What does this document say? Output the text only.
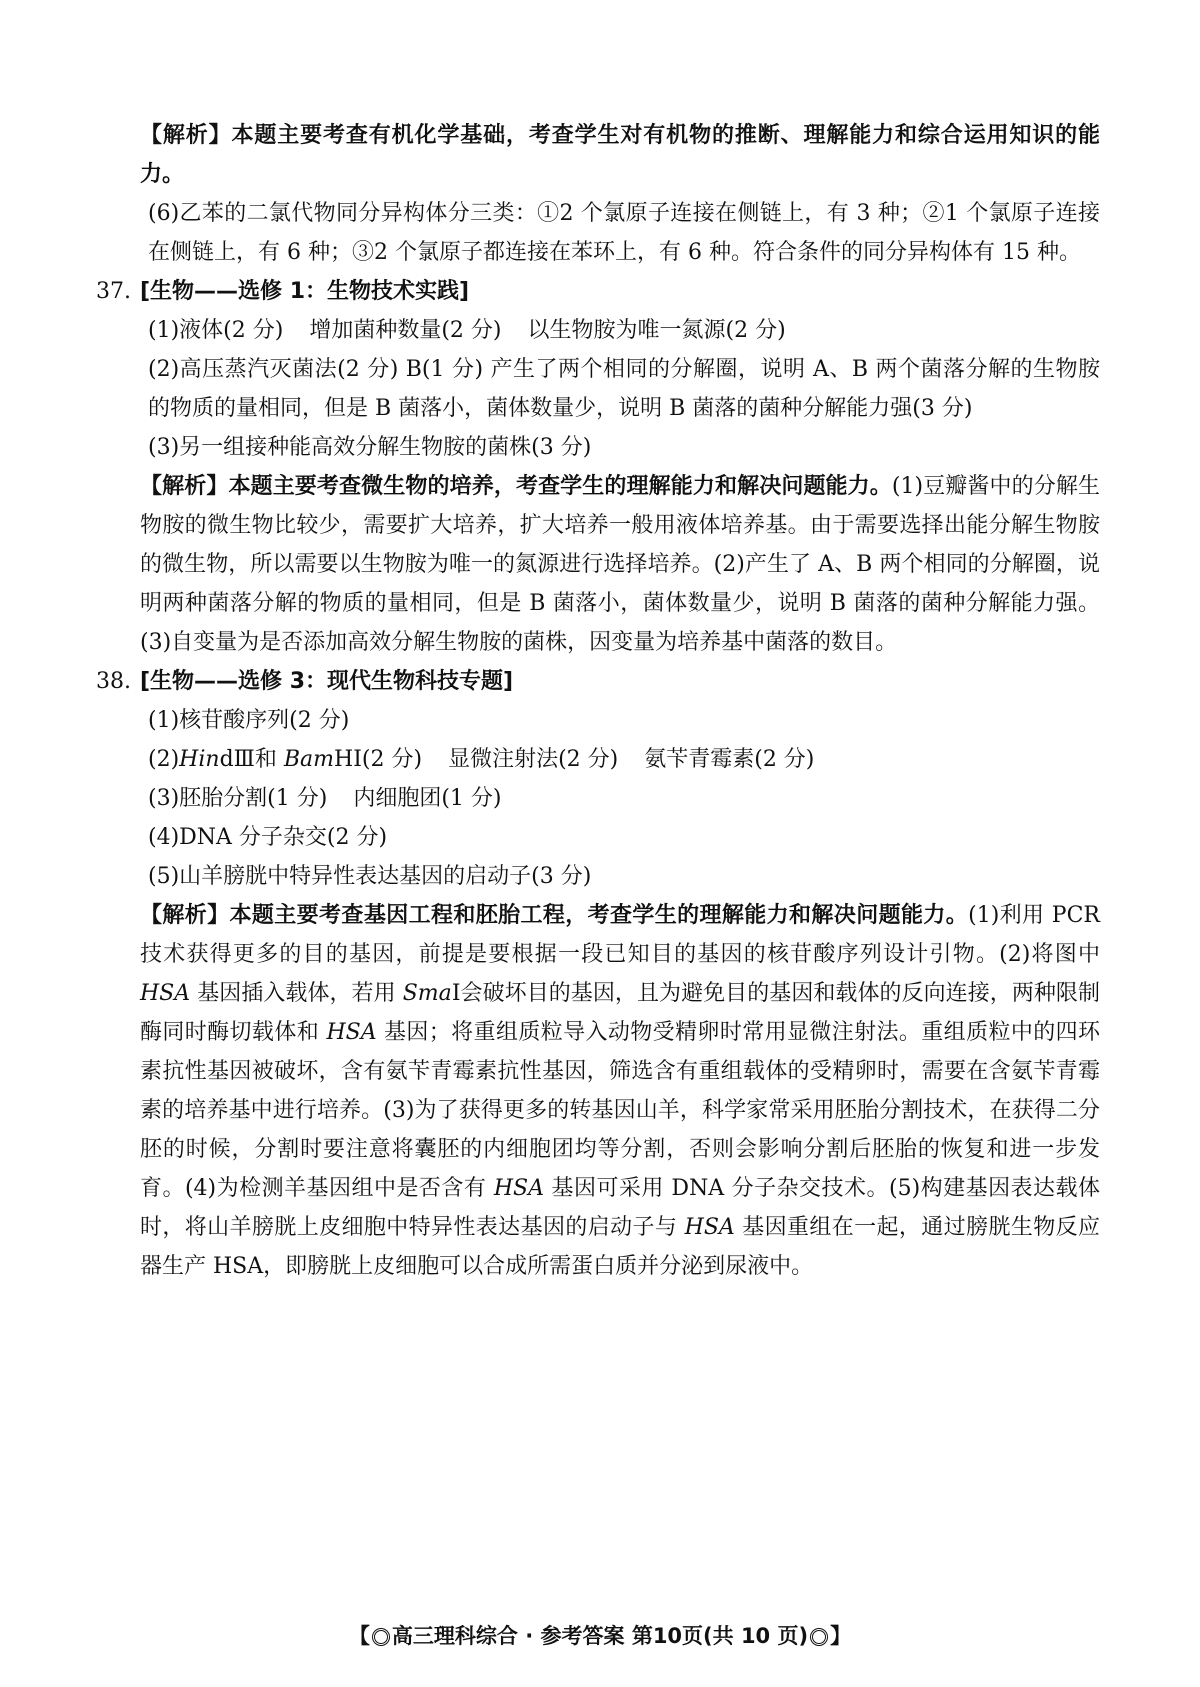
【解析】本题主要考查有机化学基础，考查学生对有机物的推断、理解能力和综合运用知识的能力。

(6)乙苯的二氯代物同分异构体分三类：①2 个氯原子连接在侧链上，有 3 种；②1 个氯原子连接在侧链上，有 6 种；③2 个氯原子都连接在苯环上，有 6 种。符合条件的同分异构体有 15 种。

37. [生物——选修 1：生物技术实践]

(1)液体(2 分) 增加菌种数量(2 分) 以生物胺为唯一氮源(2 分)

(2)高压蒸汽灭菌法(2 分) B(1 分) 产生了两个相同的分解圈，说明 A、B 两个菌落分解的生物胺的物质的量相同，但是 B 菌落小，菌体数量少，说明 B 菌落的菌种分解能力强(3 分)

(3)另一组接种能高效分解生物胺的菌株(3 分)

【解析】本题主要考查微生物的培养，考查学生的理解能力和解决问题能力。(1)豆瓣酱中的分解生物胺的微生物比较少，需要扩大培养，扩大培养一般用液体培养基。由于需要选择出能分解生物胺的微生物，所以需要以生物胺为唯一的氮源进行选择培养。(2)产生了 A、B 两个相同的分解圈，说明两种菌落分解的物质的量相同，但是 B 菌落小，菌体数量少，说明 B 菌落的菌种分解能力强。(3)自变量为是否添加高效分解生物胺的菌株，因变量为培养基中菌落的数目。

38. [生物——选修 3：现代生物科技专题]

(1)核苷酸序列(2 分)

(2)HindⅢ和 BamHⅠ(2 分) 显微注射法(2 分) 氨苄青霉素(2 分)

(3)胚胎分割(1 分) 内细胞团(1 分)

(4)DNA 分子杂交(2 分)

(5)山羊膀胱中特异性表达基因的启动子(3 分)

【解析】本题主要考查基因工程和胚胎工程，考查学生的理解能力和解决问题能力。(1)利用 PCR 技术获得更多的目的基因，前提是要根据一段已知目的基因的核苷酸序列设计引物。(2)将图中 HSA 基因插入载体，若用 SmaⅠ会破坏目的基因，且为避免目的基因和载体的反向连接，两种限制酶同时酶切载体和 HSA 基因；将重组质粒导入动物受精卵时常用显微注射法。重组质粒中的四环素抗性基因被破坏，含有氨苄青霉素抗性基因，筛选含有重组载体的受精卵时，需要在含氨苄青霉素的培养基中进行培养。(3)为了获得更多的转基因山羊，科学家常采用胚胎分割技术，在获得二分胚的时候，分割时要注意将囊胚的内细胞团均等分割，否则会影响分割后胚胎的恢复和进一步发育。(4)为检测羊基因组中是否含有 HSA 基因可采用 DNA 分子杂交技术。(5)构建基因表达载体时，将山羊膀胱上皮细胞中特异性表达基因的启动子与 HSA 基因重组在一起，通过膀胱生物反应器生产 HSA，即膀胱上皮细胞可以合成所需蛋白质并分泌到尿液中。

【 高三理科综合 · 参考答案 第10页(共 10 页) 】
